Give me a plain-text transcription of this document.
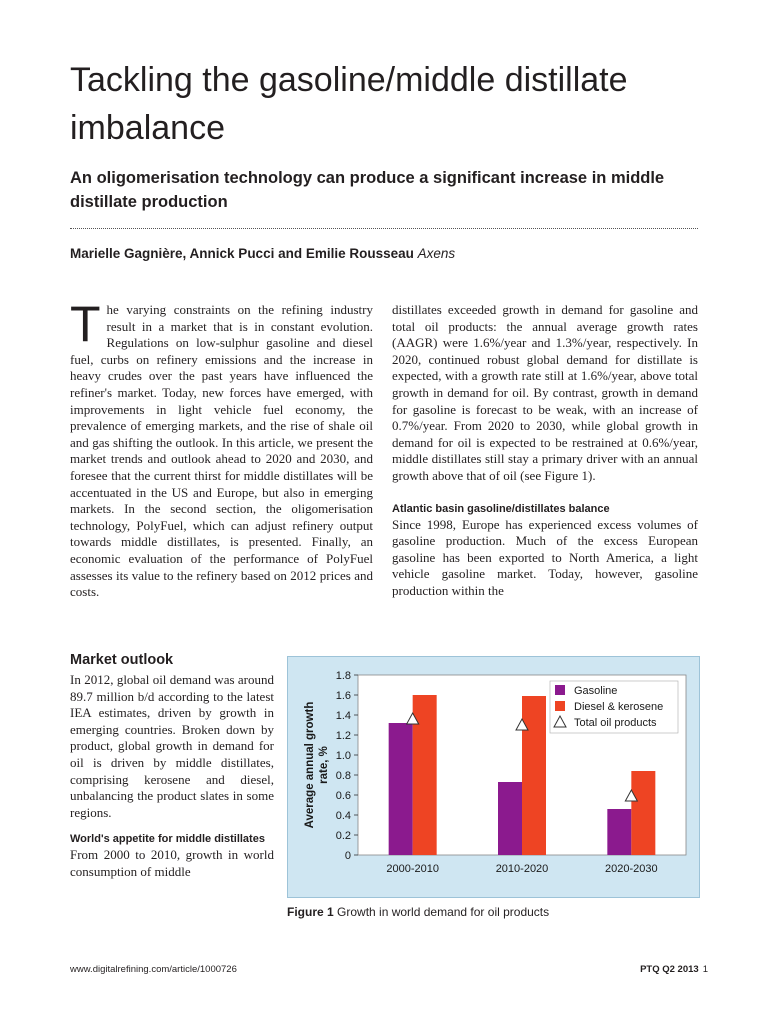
Tackling the gasoline/middle distillate imbalance
An oligomerisation technology can produce a significant increase in middle distillate production
Marielle Gagnière, Annick Pucci and Emilie Rousseau Axens

The varying constraints on the refining industry result in a market that is in constant evolution. Regulations on low-sulphur gasoline and diesel fuel, curbs on refinery emissions and the increase in heavy crudes over the past years have influenced the refiner's market. Today, new forces have emerged, with improvements in light vehicle fuel economy, the prevalence of emerging markets, and the rise of shale oil and gas shifting the outlook. In this article, we present the market trends and outlook ahead to 2020 and 2030, and foresee that the current thirst for middle distillates will be accentuated in the US and Europe, but also in emerging markets. In the second section, the oligomerisation technology, PolyFuel, which can adjust refinery output towards middle distillates, is presented. Finally, an economic evaluation of the performance of PolyFuel assesses its value to the refinery based on 2012 prices and costs.

distillates exceeded growth in demand for gasoline and total oil products: the annual average growth rates (AAGR) were 1.6%/year and 1.3%/year, respectively. In 2020, continued robust global demand for distillate is expected, with a growth rate still at 1.6%/year, above total growth in demand for oil. By contrast, growth in demand for gasoline is forecast to be weak, with an increase of 0.7%/year. From 2020 to 2030, while global growth in demand for oil is expected to be restrained at 0.6%/year, middle distillates still stay a primary driver with an annual growth above that of oil (see Figure 1).

Atlantic basin gasoline/distillates balance

Since 1998, Europe has experienced excess volumes of gasoline production. Much of the excess European gasoline has been exported to North America, a light vehicle gasoline market. Today, however, gasoline production within the

Market outlook

In 2012, global oil demand was around 89.7 million b/d according to the latest IEA estimates, driven by growth in emerging countries. Broken down by product, global growth in demand for oil is driven by middle distillates, comprising kerosene and diesel, unbalancing the product slates in some regions.

World's appetite for middle distillates

From 2000 to 2010, growth in world consumption of middle

0
0.2
0.4
0.6
0.8
1.0
1.2
1.4
1.6
1.8
Average annual growth rate, %
2000-2010	2010-2020	2020-2030
Gasoline
Diesel & kerosene
Total oil products
Figure 1 Growth in world demand for oil products
www.digitalrefining.com/article/1000726	PTQ Q2 2013 1
